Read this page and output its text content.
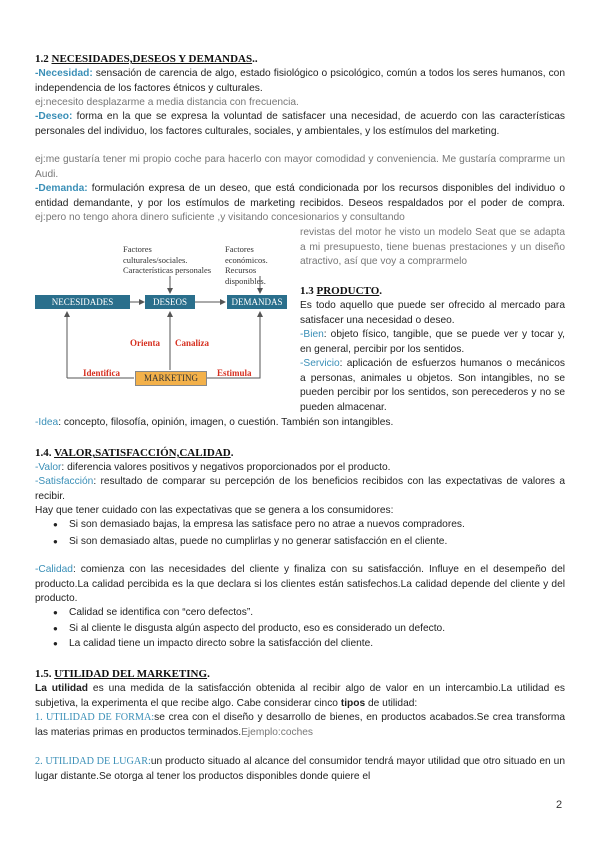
1.2 NECESIDADES,DESEOS Y DEMANDAS..

-Necesidad: sensación de carencia de algo, estado fisiológico o psicológico, común a todos los seres humanos, con independencia de los factores étnicos y culturales.

ej:necesito desplazarme a media distancia con frecuencia.

-Deseo: forma en la que se expresa la voluntad de satisfacer una necesidad, de acuerdo con las características personales del individuo, los factores culturales, sociales, y ambientales, y los estímulos del marketing.

ej:me gustaría tener mi propio coche para hacerlo con mayor comodidad y conveniencia. Me gustaría comprarme un Audi.

-Demanda: formulación expresa de un deseo, que está condicionada por los recursos disponibles del individuo o entidad demandante, y por los estímulos de marketing recibidos. Deseos respaldados por el poder de compra. ej:pero no tengo ahora dinero suficiente ,y visitando concesionarios y consultando

revistas del motor he visto un modelo Seat que se adapta a mi presupuesto, tiene buenas prestaciones y un diseño atractivo, así que voy a comprarmelo

Factores culturales/sociales. Características personales
Factores económicos. Recursos disponibles.
NECESIDADES	DESEOS	DEMANDAS
Orienta Canaliza
Identifica	MARKETING	Estimula

1.3 PRODUCTO.

Es todo aquello que puede ser ofrecido al mercado para satisfacer una necesidad o deseo.

-Bien: objeto físico, tangible, que se puede ver y tocar y, en general, percibir por los sentidos.

-Servicio: aplicación de esfuerzos humanos o mecánicos a personas, animales u objetos. Son intangibles, no se pueden percibir por los sentidos, son perecederos y no se pueden almacenar.

-Idea: concepto, filosofía, opinión, imagen, o cuestión. También son intangibles.

1.4. VALOR,SATISFACCIÓN,CALIDAD.

-Valor: diferencia valores positivos y negativos proporcionados por el producto.

-Satisfacción: resultado de comparar su percepción de los beneficios recibidos con las expectativas de valores a recibir.

Hay que tener cuidado con las expectativas que se genera a los consumidores:

● Si son demasiado bajas, la empresa las satisface pero no atrae a nuevos compradores.
● Si son demasiado altas, puede no cumplirlas y no generar satisfacción en el cliente.

-Calidad: comienza con las necesidades del cliente y finaliza con su satisfacción. Influye en el desempeño del producto.La calidad percibida es la que declara si los clientes están satisfechos.La calidad depende del cliente y del producto.

● Calidad se identifica con “cero defectos”.
● Si al cliente le disgusta algún aspecto del producto, eso es considerado un defecto.
● La calidad tiene un impacto directo sobre la satisfacción del cliente.

1.5. UTILIDAD DEL MARKETING.

La utilidad es una medida de la satisfacción obtenida al recibir algo de valor en un intercambio.La utilidad es subjetiva, la experimenta el que recibe algo. Cabe considerar cinco tipos de utilidad:

1. UTILIDAD DE FORMA:se crea con el diseño y desarrollo de bienes, en productos acabados.Se crea transforma las materias primas en productos terminados.Ejemplo:coches

2. UTILIDAD DE LUGAR:un producto situado al alcance del consumidor tendrá mayor utilidad que otro situado en un lugar distante.Se otorga al tener los productos disponibles donde quiere el

2
